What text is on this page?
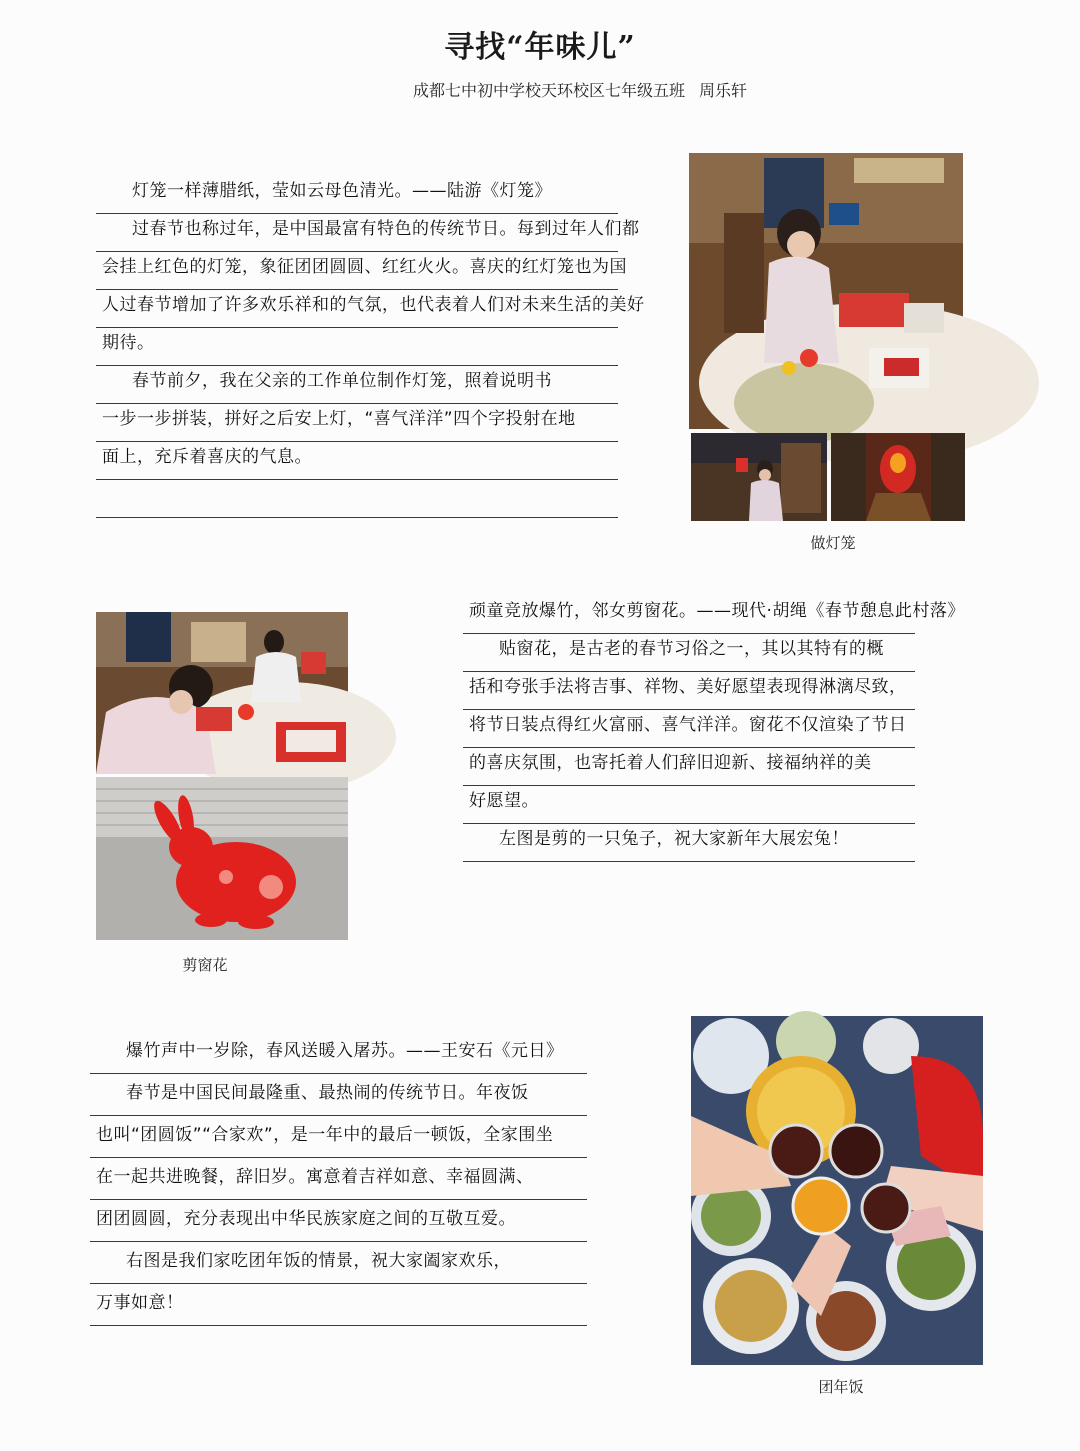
寻找“年味儿”
成都七中初中学校天环校区七年级五班 周乐轩
灯笼一样薄腊纸，莹如云母色清光。——陆游《灯笼》
过春节也称过年，是中国最富有特色的传统节日。每到过年人们都
会挂上红色的灯笼，象征团团圆圆、红红火火。喜庆的红灯笼也为国
人过春节增加了许多欢乐祥和的气氛，也代表着人们对未来生活的美好
期待。
春节前夕，我在父亲的工作单位制作灯笼，照着说明书
一步一步拼装，拼好之后安上灯，“喜气洋洋”四个字投射在地
面上，充斥着喜庆的气息。
做灯笼
剪窗花
顽童竞放爆竹，邻女剪窗花。——现代·胡绳《春节憩息此村落》
贴窗花，是古老的春节习俗之一，其以其特有的概
括和夸张手法将吉事、祥物、美好愿望表现得淋漓尽致，
将节日装点得红火富丽、喜气洋洋。窗花不仅渲染了节日
的喜庆氛围，也寄托着人们辞旧迎新、接福纳祥的美
好愿望。
左图是剪的一只兔子，祝大家新年大展宏兔！
爆竹声中一岁除，春风送暖入屠苏。——王安石《元日》
春节是中国民间最隆重、最热闹的传统节日。年夜饭
也叫“团圆饭”“合家欢”，是一年中的最后一顿饭，全家围坐
在一起共进晚餐，辞旧岁。寓意着吉祥如意、幸福圆满、
团团圆圆，充分表现出中华民族家庭之间的互敬互爱。
右图是我们家吃团年饭的情景，祝大家阖家欢乐，
万事如意！
团年饭
